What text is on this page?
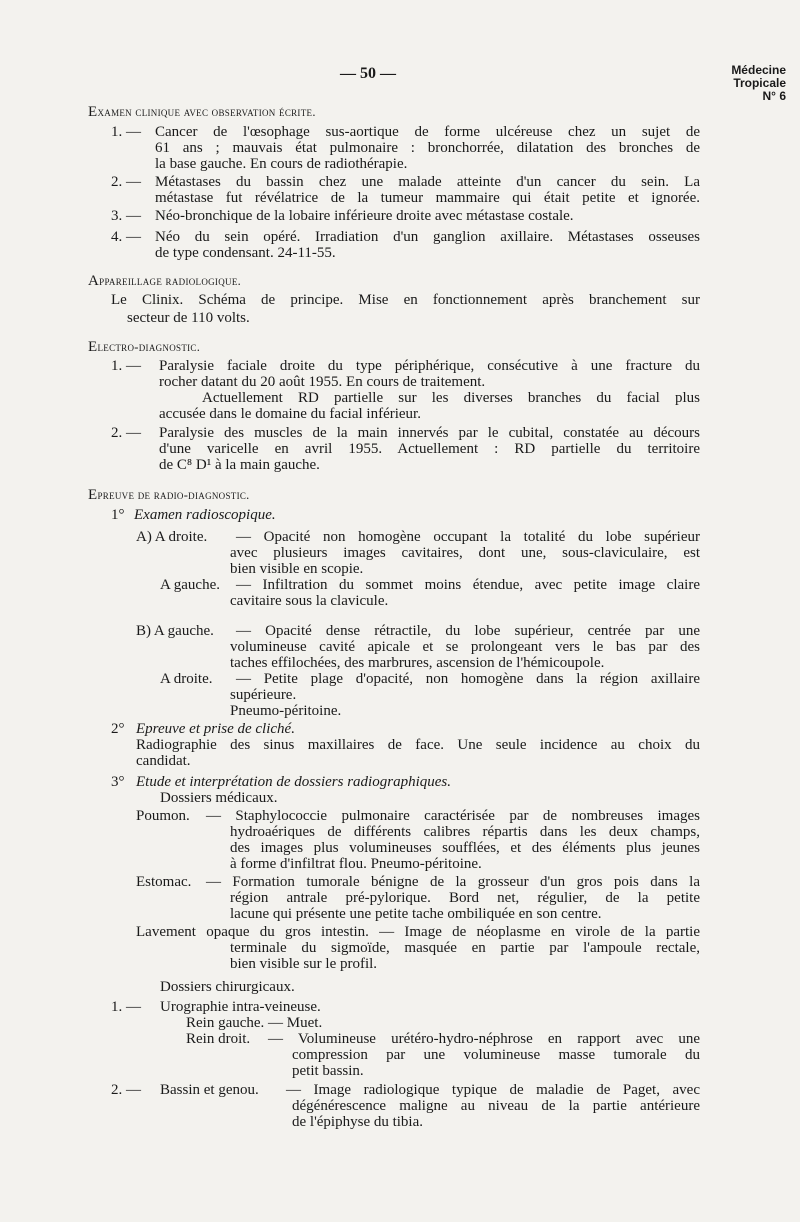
— 50 —	Médecine
Tropicale
N° 6
Examen clinique avec observation écrite.
1. — Cancer de l'œsophage sus-aortique de forme ulcéreuse chez un sujet de
61 ans ; mauvais état pulmonaire : bronchorrée, dilatation des bronches de
la base gauche. En cours de radiothérapie.
2. — Métastases du bassin chez une malade atteinte d'un cancer du sein. La
métastase fut révélatrice de la tumeur mammaire qui était petite et ignorée.
3. — Néo-bronchique de la lobaire inférieure droite avec métastase costale.
4. — Néo du sein opéré. Irradiation d'un ganglion axillaire. Métastases osseuses
de type condensant. 24-11-55.
Appareillage radiologique.
Le Clinix. Schéma de principe. Mise en fonctionnement après branchement sur
secteur de 110 volts.
Electro-diagnostic.
1. — Paralysie faciale droite du type périphérique, consécutive à une fracture du
rocher datant du 20 août 1955. En cours de traitement.
Actuellement RD partielle sur les diverses branches du facial plus
accusée dans le domaine du facial inférieur.
2. — Paralysie des muscles de la main innervés par le cubital, constatée au décours
d'une varicelle en avril 1955. Actuellement : RD partielle du territoire
de C⁸ D¹ à la main gauche.
Epreuve de radio-diagnostic.
1° Examen radioscopique.
A) A droite. — Opacité non homogène occupant la totalité du lobe supérieur
avec plusieurs images cavitaires, dont une, sous-claviculaire, est
bien visible en scopie.
A gauche. — Infiltration du sommet moins étendue, avec petite image claire
cavitaire sous la clavicule.
B) A gauche. — Opacité dense rétractile, du lobe supérieur, centrée par une
volumineuse cavité apicale et se prolongeant vers le bas par des
taches effilochées, des marbrures, ascension de l'hémicoupole.
A droite. — Petite plage d'opacité, non homogène dans la région axillaire
supérieure.
Pneumo-péritoine.
2° Epreuve et prise de cliché.
Radiographie des sinus maxillaires de face. Une seule incidence au choix du
candidat.
3° Etude et interprétation de dossiers radiographiques.
Dossiers médicaux.
Poumon. — Staphylococcie pulmonaire caractérisée par de nombreuses images
hydroaériques de différents calibres répartis dans les deux champs,
des images plus volumineuses soufflées, et des éléments plus jeunes
à forme d'infiltrat flou. Pneumo-péritoine.
Estomac. — Formation tumorale bénigne de la grosseur d'un gros pois dans la
région antrale pré-pylorique. Bord net, régulier, de la petite
lacune qui présente une petite tache ombiliquée en son centre.
Lavement opaque du gros intestin. — Image de néoplasme en virole de la partie
terminale du sigmoïde, masquée en partie par l'ampoule rectale,
bien visible sur le profil.
Dossiers chirurgicaux.
1. — Urographie intra-veineuse.
Rein gauche. — Muet.
Rein droit. — Volumineuse urétéro-hydro-néphrose en rapport avec une
compression par une volumineuse masse tumorale du
petit bassin.
2. — Bassin et genou. — Image radiologique typique de maladie de Paget, avec
dégénérescence maligne au niveau de la partie antérieure
de l'épiphyse du tibia.
